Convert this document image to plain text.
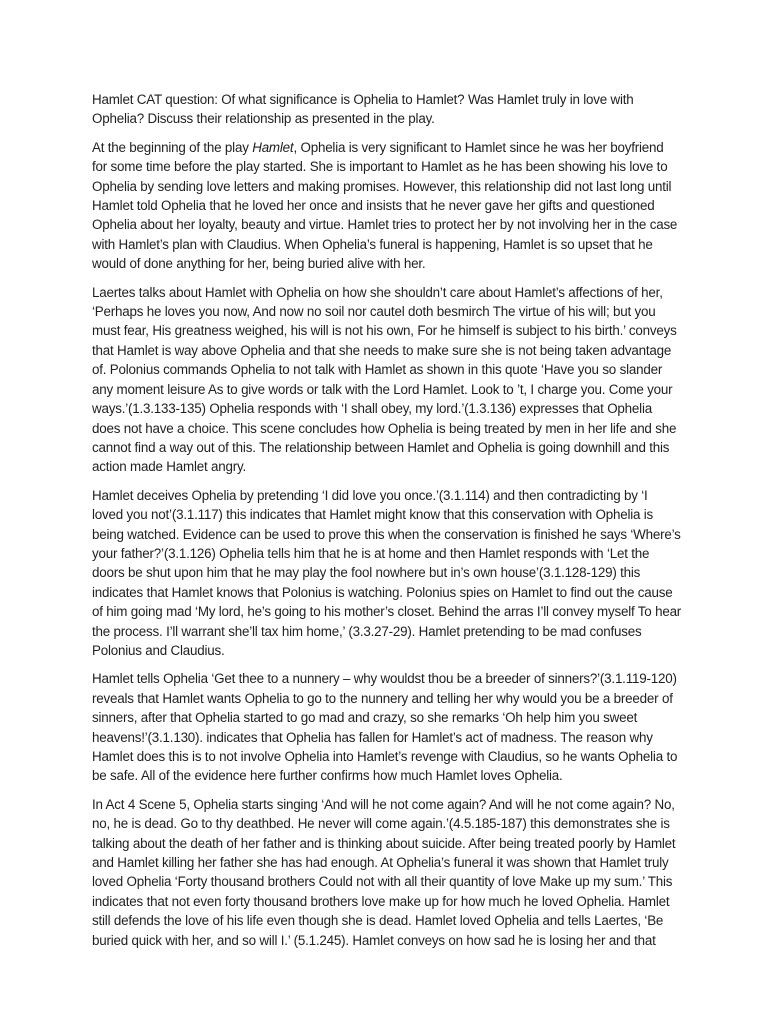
Hamlet CAT question: Of what significance is Ophelia to Hamlet? Was Hamlet truly in love with Ophelia? Discuss their relationship as presented in the play.

At the beginning of the play Hamlet, Ophelia is very significant to Hamlet since he was her boyfriend for some time before the play started. She is important to Hamlet as he has been showing his love to Ophelia by sending love letters and making promises. However, this relationship did not last long until Hamlet told Ophelia that he loved her once and insists that he never gave her gifts and questioned Ophelia about her loyalty, beauty and virtue. Hamlet tries to protect her by not involving her in the case with Hamlet’s plan with Claudius. When Ophelia’s funeral is happening, Hamlet is so upset that he would of done anything for her, being buried alive with her.

Laertes talks about Hamlet with Ophelia on how she shouldn’t care about Hamlet’s affections of her, ‘Perhaps he loves you now, And now no soil nor cautel doth besmirch The virtue of his will; but you must fear, His greatness weighed, his will is not his own, For he himself is subject to his birth.’ conveys that Hamlet is way above Ophelia and that she needs to make sure she is not being taken advantage of. Polonius commands Ophelia to not talk with Hamlet as shown in this quote ‘Have you so slander any moment leisure As to give words or talk with the Lord Hamlet. Look to ’t, I charge you. Come your ways.’(1.3.133-135) Ophelia responds with ‘I shall obey, my lord.’(1.3.136) expresses that Ophelia does not have a choice. This scene concludes how Ophelia is being treated by men in her life and she cannot find a way out of this. The relationship between Hamlet and Ophelia is going downhill and this action made Hamlet angry.

Hamlet deceives Ophelia by pretending ‘I did love you once.’(3.1.114) and then contradicting by ‘I loved you not’(3.1.117) this indicates that Hamlet might know that this conservation with Ophelia is being watched. Evidence can be used to prove this when the conservation is finished he says ‘Where’s your father?’(3.1.126) Ophelia tells him that he is at home and then Hamlet responds with ‘Let the doors be shut upon him that he may play the fool nowhere but in’s own house’(3.1.128-129) this indicates that Hamlet knows that Polonius is watching. Polonius spies on Hamlet to find out the cause of him going mad ‘My lord, he’s going to his mother’s closet. Behind the arras I’ll convey myself To hear the process. I’ll warrant she’ll tax him home,’ (3.3.27-29). Hamlet pretending to be mad confuses Polonius and Claudius.

Hamlet tells Ophelia ‘Get thee to a nunnery – why wouldst thou be a breeder of sinners?’(3.1.119-120) reveals that Hamlet wants Ophelia to go to the nunnery and telling her why would you be a breeder of sinners, after that Ophelia started to go mad and crazy, so she remarks ‘Oh help him you sweet heavens!’(3.1.130). indicates that Ophelia has fallen for Hamlet’s act of madness. The reason why Hamlet does this is to not involve Ophelia into Hamlet’s revenge with Claudius, so he wants Ophelia to be safe. All of the evidence here further confirms how much Hamlet loves Ophelia.

In Act 4 Scene 5, Ophelia starts singing ‘And will he not come again? And will he not come again? No, no, he is dead. Go to thy deathbed. He never will come again.’(4.5.185-187) this demonstrates she is talking about the death of her father and is thinking about suicide. After being treated poorly by Hamlet and Hamlet killing her father she has had enough. At Ophelia’s funeral it was shown that Hamlet truly loved Ophelia ‘Forty thousand brothers Could not with all their quantity of love Make up my sum.’ This indicates that not even forty thousand brothers love make up for how much he loved Ophelia. Hamlet still defends the love of his life even though she is dead. Hamlet loved Ophelia and tells Laertes, ‘Be buried quick with her, and so will I.’ (5.1.245). Hamlet conveys on how sad he is losing her and that
